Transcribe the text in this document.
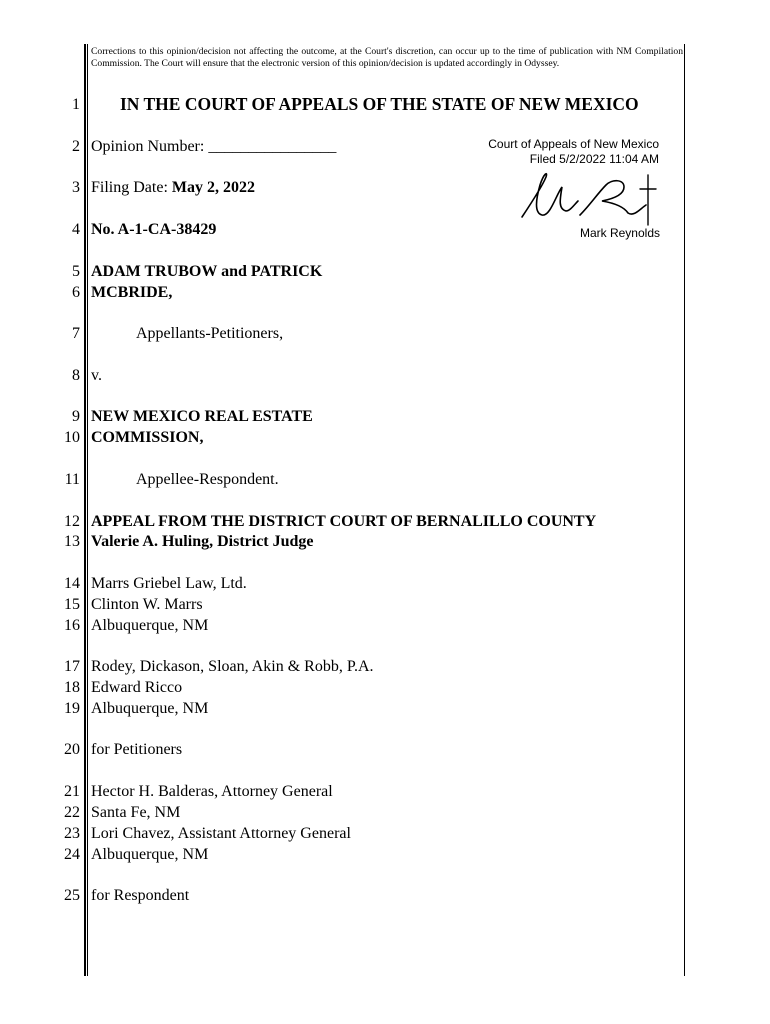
Corrections to this opinion/decision not affecting the outcome, at the Court's discretion, can occur up to the time of publication with NM Compilation Commission. The Court will ensure that the electronic version of this opinion/decision is updated accordingly in Odyssey.
1
2
3
4
5
6
7
8
9
10
11
12
13
14
15
16
17
18
19
20
21
22
23
24
25
IN THE COURT OF APPEALS OF THE STATE OF NEW MEXICO
Opinion Number: ________________
Filing Date: May 2, 2022
No. A-1-CA-38429
ADAM TRUBOW and PATRICK
MCBRIDE,
Appellants-Petitioners,
v.
NEW MEXICO REAL ESTATE
COMMISSION,
Appellee-Respondent.
APPEAL FROM THE DISTRICT COURT OF BERNALILLO COUNTY
Valerie A. Huling, District Judge
Marrs Griebel Law, Ltd.
Clinton W. Marrs
Albuquerque, NM
Rodey, Dickason, Sloan, Akin & Robb, P.A.
Edward Ricco
Albuquerque, NM
for Petitioners
Hector H. Balderas, Attorney General
Santa Fe, NM
Lori Chavez, Assistant Attorney General
Albuquerque, NM
for Respondent
Court of Appeals of New Mexico
Filed 5/2/2022 11:04 AM
Mark Reynolds
